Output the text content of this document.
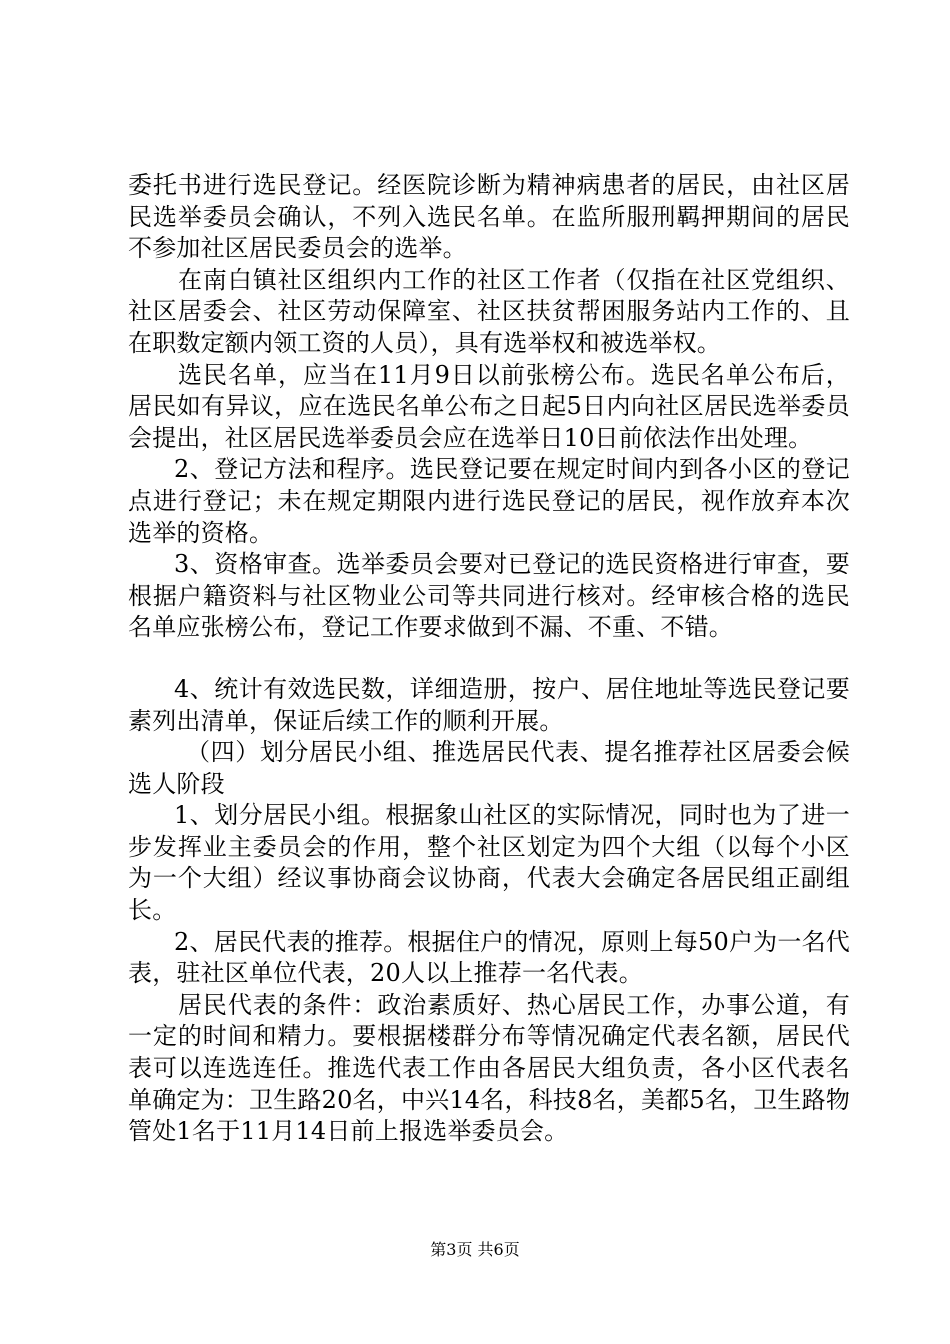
委托书进行选民登记。经医院诊断为精神病患者的居民，由社区居民选举委员会确认，不列入选民名单。在监所服刑羁押期间的居民不参加社区居民委员会的选举。

在南白镇社区组织内工作的社区工作者（仅指在社区党组织、社区居委会、社区劳动保障室、社区扶贫帮困服务站内工作的、且在职数定额内领工资的人员），具有选举权和被选举权。

选民名单，应当在11月9日以前张榜公布。选民名单公布后，居民如有异议，应在选民名单公布之日起5日内向社区居民选举委员会提出，社区居民选举委员会应在选举日10日前依法作出处理。

2、登记方法和程序。选民登记要在规定时间内到各小区的登记点进行登记；未在规定期限内进行选民登记的居民，视作放弃本次选举的资格。

3、资格审查。选举委员会要对已登记的选民资格进行审查，要根据户籍资料与社区物业公司等共同进行核对。经审核合格的选民名单应张榜公布，登记工作要求做到不漏、不重、不错。

4、统计有效选民数，详细造册，按户、居住地址等选民登记要素列出清单，保证后续工作的顺利开展。

（四）划分居民小组、推选居民代表、提名推荐社区居委会候选人阶段

1、划分居民小组。根据象山社区的实际情况，同时也为了进一步发挥业主委员会的作用，整个社区划定为四个大组（以每个小区为一个大组）经议事协商会议协商，代表大会确定各居民组正副组长。

2、居民代表的推荐。根据住户的情况，原则上每50户为一名代表，驻社区单位代表，20人以上推荐一名代表。

居民代表的条件：政治素质好、热心居民工作，办事公道，有一定的时间和精力。要根据楼群分布等情况确定代表名额，居民代表可以连选连任。推选代表工作由各居民大组负责，各小区代表名单确定为：卫生路20名，中兴14名，科技8名，美都5名，卫生路物管处1名于11月14日前上报选举委员会。

第3页 共6页
